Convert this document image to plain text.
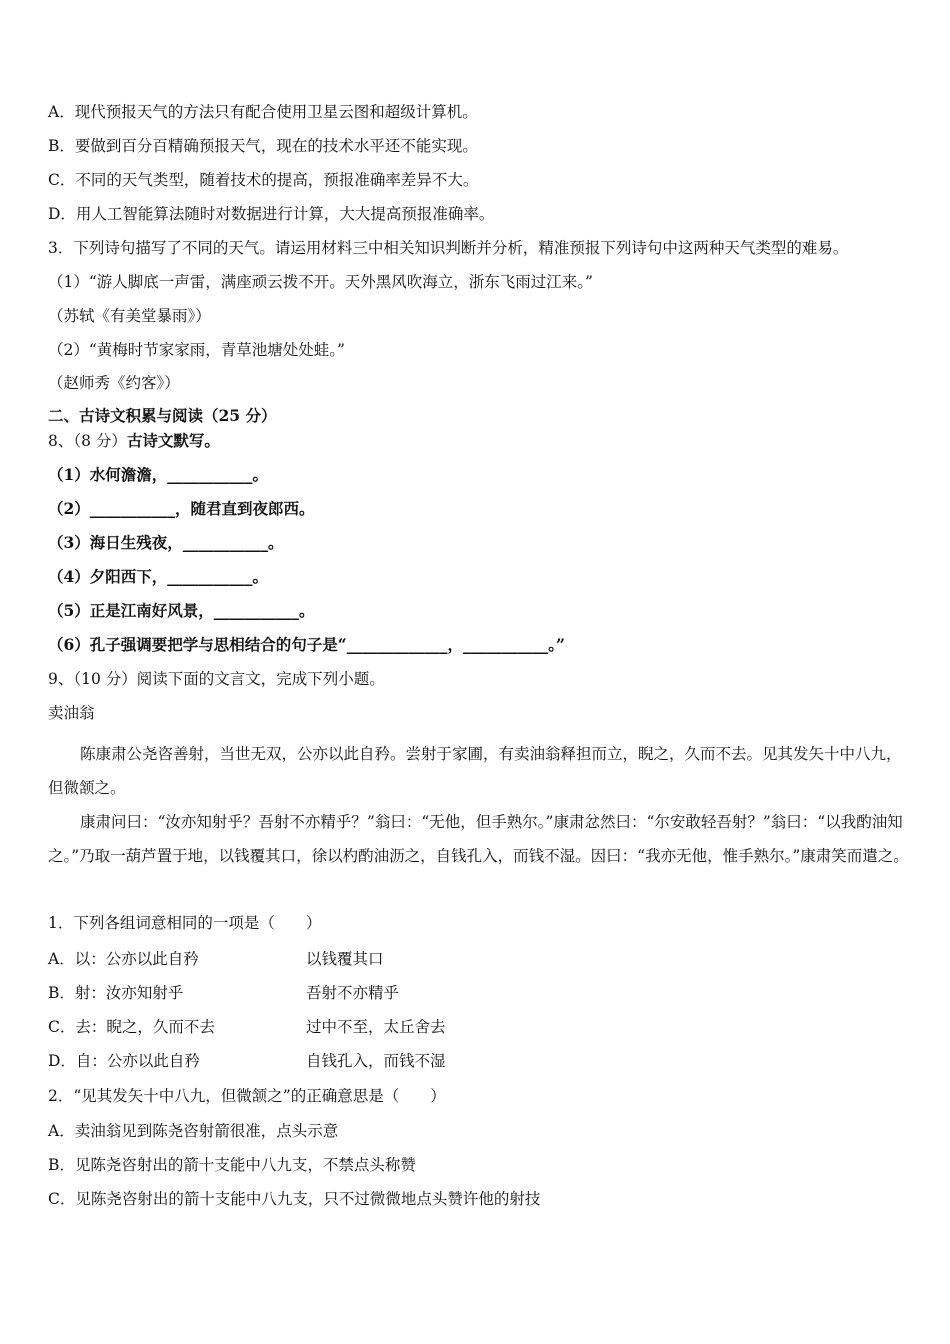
A．现代预报天气的方法只有配合使用卫星云图和超级计算机。
B．要做到百分百精确预报天气，现在的技术水平还不能实现。
C．不同的天气类型，随着技术的提高，预报准确率差异不大。
D．用人工智能算法随时对数据进行计算，大大提高预报准确率。
3．下列诗句描写了不同的天气。请运用材料三中相关知识判断并分析，精准预报下列诗句中这两种天气类型的难易。
（1）“游人脚底一声雷，满座顽云拨不开。天外黑风吹海立，浙东飞雨过江来。”
（苏轼《有美堂暴雨》）
（2）“黄梅时节家家雨，青草池塘处处蛙。”
（赵师秀《约客》）
二、古诗文积累与阅读（25 分）
8、（8 分）古诗文默写。
（1）水何澹澹，___________。
（2）___________，随君直到夜郎西。
（3）海日生残夜，___________。
（4）夕阳西下，___________。
（5）正是江南好风景，___________。
（6）孔子强调要把学与思相结合的句子是“_____________，___________。”
9、（10 分）阅读下面的文言文，完成下列小题。
卖油翁
陈康肃公尧咨善射，当世无双，公亦以此自矜。尝射于家圃，有卖油翁释担而立，睨之，久而不去。见其发矢十中八九，但微颔之。
康肃问曰：“汝亦知射乎？吾射不亦精乎？”翁曰：“无他，但手熟尔。”康肃忿然曰：“尔安敢轻吾射？”翁曰：“以我酌油知之。”乃取一葫芦置于地，以钱覆其口，徐以杓酌油沥之，自钱孔入，而钱不湿。因曰：“我亦无他，惟手熟尔。”康肃笑而遣之。
1．下列各组词意相同的一项是（　　）
A．以：公亦以此自矜	以钱覆其口
B．射：汝亦知射乎	吾射不亦精乎
C．去：睨之，久而不去	过中不至，太丘舍去
D．自：公亦以此自矜	自钱孔入，而钱不湿
2．“见其发矢十中八九，但微颔之”的正确意思是（　　）
A．卖油翁见到陈尧咨射箭很准，点头示意
B．见陈尧咨射出的箭十支能中八九支，不禁点头称赞
C．见陈尧咨射出的箭十支能中八九支，只不过微微地点头赞许他的射技
